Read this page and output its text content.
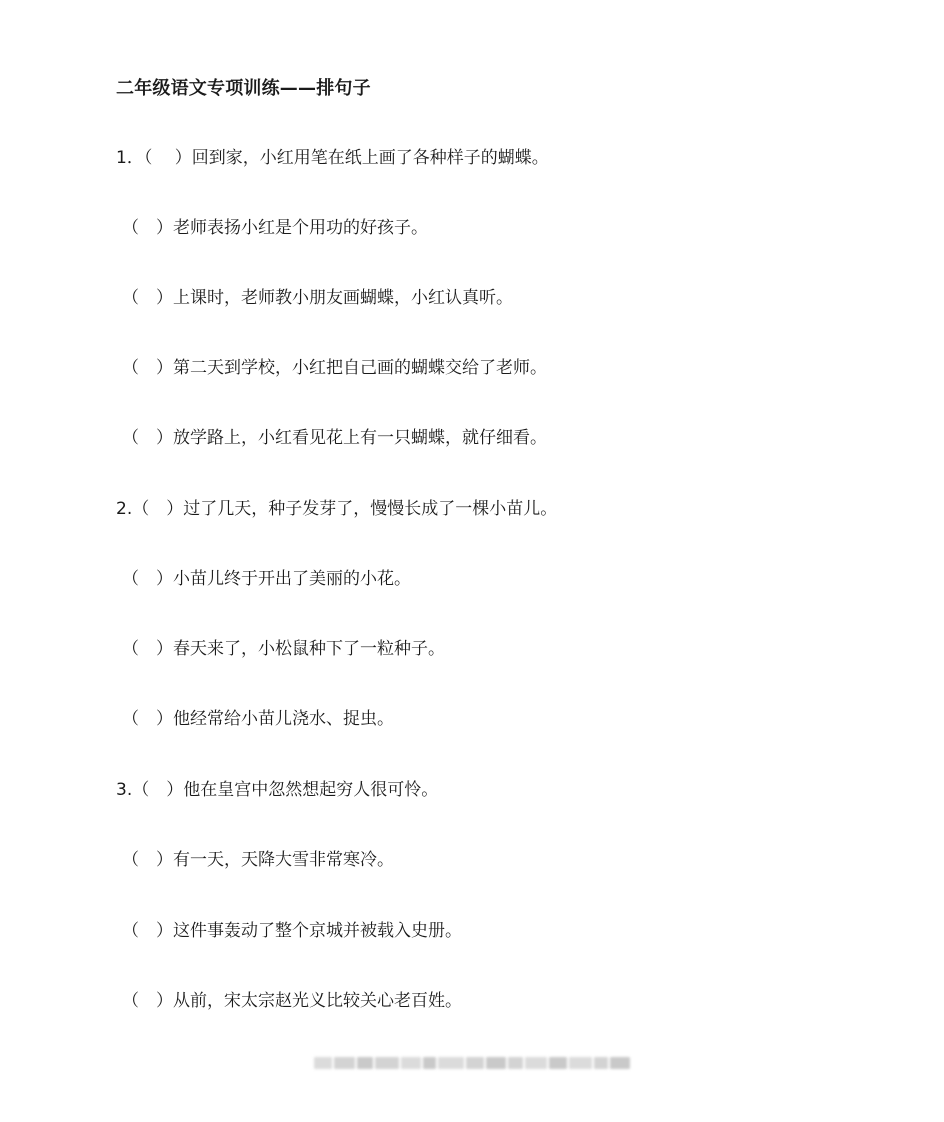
二年级语文专项训练——排句子
1．（　 ）回到家，小红用笔在纸上画了各种样子的蝴蝶。
（　）老师表扬小红是个用功的好孩子。
（　）上课时，老师教小朋友画蝴蝶，小红认真听。
（　）第二天到学校，小红把自己画的蝴蝶交给了老师。
（　）放学路上，小红看见花上有一只蝴蝶，就仔细看。
2.（　）过了几天，种子发芽了，慢慢长成了一棵小苗儿。
（　）小苗儿终于开出了美丽的小花。
（　）春天来了，小松鼠种下了一粒种子。
（　）他经常给小苗儿浇水、捉虫。
3.（　）他在皇宫中忽然想起穷人很可怜。
（　）有一天，天降大雪非常寒冷。
（　）这件事轰动了整个京城并被载入史册。
（　）从前，宋太宗赵光义比较关心老百姓。
